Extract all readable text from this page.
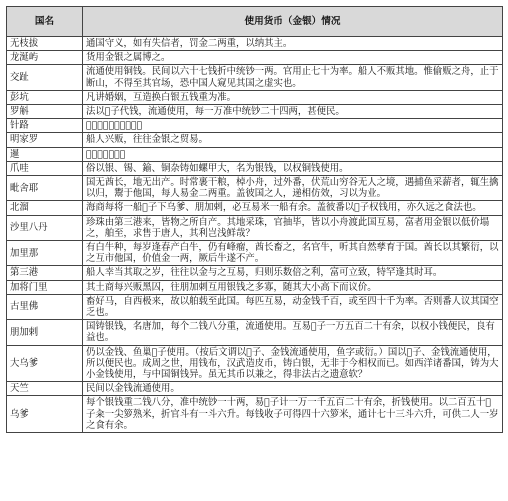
国名	使用货币（金银）情况
无枝拔	通国守义，如有失信者，罚金二两重，以纳其主。
龙涎屿	货用金银之属博之。
交趾	流通使用铜钱。民间以六十七钱折中统钞一两。官用止七十为率。船人不贩其地。惟偷贩之舟，止于断山，不得至其官场，恐中国人窥见其国之虚实也。
彭坑	凡讲婚姻，互造换白银五钱重为准。
罗斛	法以𧴩子代钱，流通使用，每一万准中统钞二十四两，甚便民。
针路	𧴩子通遍，准钱使用。
明家罗	船人兴贩，往往金银之贸易。
暹	𧴩子权钱使用。
爪哇	俗以银、锡、鍮、铜杂铸如螺甲大，名为银钱，以权铜钱使用。
毗舍耶	国无酋长，地无出产。时常裹干粮，棹小舟，过外番，伏荒山穷谷无人之境，遇捕鱼采薪者，辄生擒以归，鬻于他国，每人易金二两重。盖彼国之人，递相仿效，习以为业。
北溜	海商每将一船𧴩子下乌爹、朋加剌，必互易米一船有余。盖彼番以𧴩子权钱用，亦久远之食法也。
沙里八丹	珍珠由第三港来，皆物之所自产。其地采珠，官抽毕，皆以小舟渡此国互易，富者用金银以低价塌之，舶至，求售于唐人，其利岂浅鲜哉？
加里那	有白牛种，每岁逢春产白牛，仍有峰瘤，酋长畜之，名官牛，听其自然孳育于国。酋长以其繁衍，以之互市他国，价值金一两，厥后牛遂不产。
第三港	船人幸当其取之岁，往往以金与之互易，归则乐数倍之利，富可立致，特罕逢其时耳。
加将门里	其土商每兴贩黑囚，往朋加刺互用银钱之多寡，随其大小高下而议价。
古里佛	畜好马，自西极来，故以舶载至此国。每匹互易，动金钱千百，或至四十千为率。否则番人议其国空乏也。
朋加剌	国铸银钱，名唐加，每个二钱八分重，流通使用。互易𧴩子一万五百二十有余，以权小钱便民，良有益也。
大乌爹	仍以金钱、鱼巢𧴩子使用。（按后文谓以𧴩子、金钱流通使用，鱼字或衍。）国以𧴩子、金钱流通使用，所以便民也。成周之世，用钱布，汉武造皮币，铸白银，无非于今相权而已。如西洋诸番国，铸为大小金钱使用，与中国铜钱异。虽无其币以兼之，得非法古之遗意软？
天竺	民间以金钱流通使用。
乌爹	每个银钱重二钱八分，准中统钞一十两，易𧴩子计一万一千五百二十有余，折钱使用。以二百五十𧴩子籴一尖箩熟米，折官斗有一斗六升。每钱收子可得四十六箩米，通计七十三斗六升，可供二人一岁之食有余。
